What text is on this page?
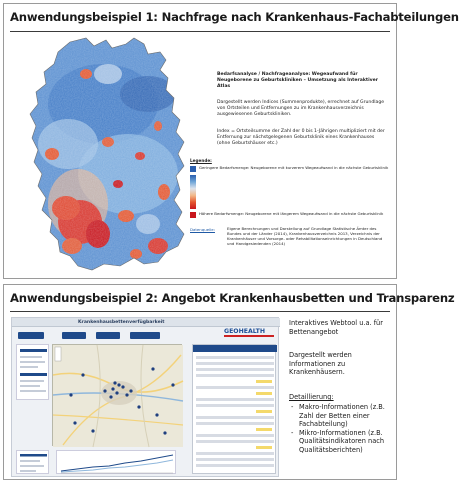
Anwendungsbeispiel 1: Nachfrage nach Krankenhaus-Fachabteilungen
Bedarfsanalyse / Nachfrageanalyse: Wegeaufwand für Neugeborene zu Geburtskliniken – Umsetzung als Interaktiver Atlas
Dargestellt werden Indices (Summenprodukte), errechnet auf Grundlage von Ortsteilen und Entfernungen zu im Krankenhausverzeichnis ausgewiesenen Geburtskliniken.
Index = Ortsteilsumme der Zahl der 0 bis 1-Jährigen multipliziert mit der Entfernung zur nächstgelegenen Geburtsklinik eines Krankenhauses (ohne Geburtshäuser etc.)
Legende:
Geringere Bedarfsmenge: Neugeborene mit kurzerem Wegeaufwand in die nächste Geburtsklinik
Höhere Bedarfsmenge: Neugeborene mit längerem Wegeaufwand in die nächste Geburtsklinik
Datenquelle:	Eigene Berechnungen und Darstellung auf Grundlage Statistische Ämter des Bundes und der Länder (2014), Krankenhausverzeichnis 2013, Verzeichnis der Krankenhäuser und Vorsorge- oder Rehabilitationseinrichtungen in Deutschland und Handgesiedenden (2014)
Anwendungsbeispiel 2: Angebot Krankenhausbetten und Transparenz
Krankenhausbettenverfügbarkeit
GEOHEALTH
Interaktives Webtool u.a. für Bettenangebot
Dargestellt werden Informationen zu Krankenhäusern.
Detaillierung:
- Makro-Informationen (z.B. Zahl der Betten einer Fachabteilung)
- Mikro-Informationen (z.B. Qualitätsindikatoren nach Qualitätsberichten)
